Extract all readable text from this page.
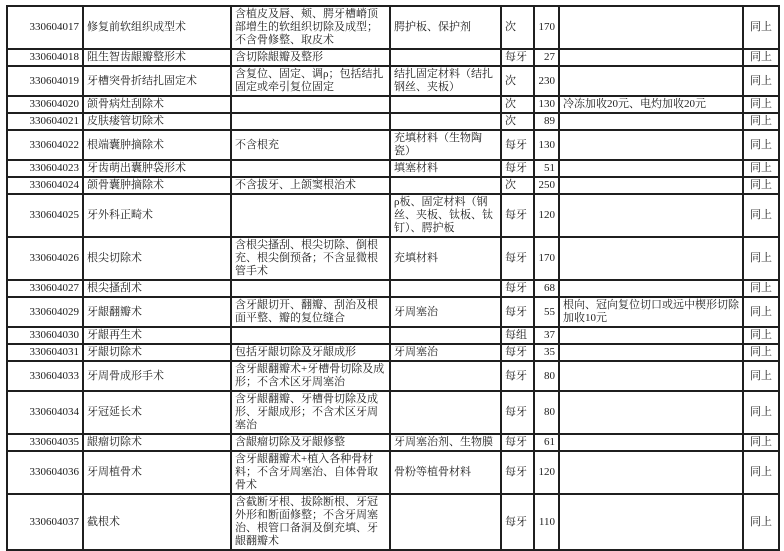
330604017	修复前软组织成型术	含植皮及唇、颊、腭牙槽嵴顶部增生的软组织切除及成型；不含骨修整、取皮术	腭护板、保护剂	次	170		同上
330604018	阻生智齿龈瓣整形术	含切除龈瓣及整形		每牙	27		同上
330604019	牙槽突骨折结扎固定术	含复位、固定、调ρ；包括结扎固定或牵引复位固定	结扎固定材料（结扎钢丝、夹板）	次	230		同上
330604020	颌骨病灶刮除术			次	130	冷冻加收20元、电灼加收20元	同上
330604021	皮肤瘘管切除术			次	89		同上
330604022	根端囊肿摘除术	不含根充	充填材料（生物陶瓷）	每牙	130		同上
330604023	牙齿萌出囊肿袋形术		填塞材料	每牙	51		同上
330604024	颌骨囊肿摘除术	不含拔牙、上颌窦根治术		次	250		同上
330604025	牙外科正畸术		ρ板、固定材料（钢丝、夹板、钛板、钛钉）、腭护板	每牙	120		同上
330604026	根尖切除术	含根尖搔刮、根尖切除、倒根充、根尖倒预备；不含显微根管手术	充填材料	每牙	170		同上
330604027	根尖搔刮术			每牙	68		同上
330604029	牙龈翻瓣术	含牙龈切开、翻瓣、刮治及根面平整、瓣的复位缝合	牙周塞治	每牙	55	根向、冠向复位切口或远中楔形切除加收10元	同上
330604030	牙龈再生术			每组	37		同上
330604031	牙龈切除术	包括牙龈切除及牙龈成形	牙周塞治	每牙	35		同上
330604033	牙周骨成形手术	含牙龈翻瓣术+牙槽骨切除及成形；不含术区牙周塞治		每牙	80		同上
330604034	牙冠延长术	含牙龈翻瓣、牙槽骨切除及成形、牙龈成形；不含术区牙周塞治		每牙	80		同上
330604035	龈瘤切除术	含龈瘤切除及牙龈修整	牙周塞治剂、生物膜	每牙	61		同上
330604036	牙周植骨术	含牙龈翻瓣术+植入各种骨材料；不含牙周塞治、自体骨取骨术	骨粉等植骨材料	每牙	120		同上
330604037	截根术	含截断牙根、拔除断根、牙冠外形和断面修整；不含牙周塞治、根管口备洞及倒充填、牙龈翻瓣术		每牙	110		同上
